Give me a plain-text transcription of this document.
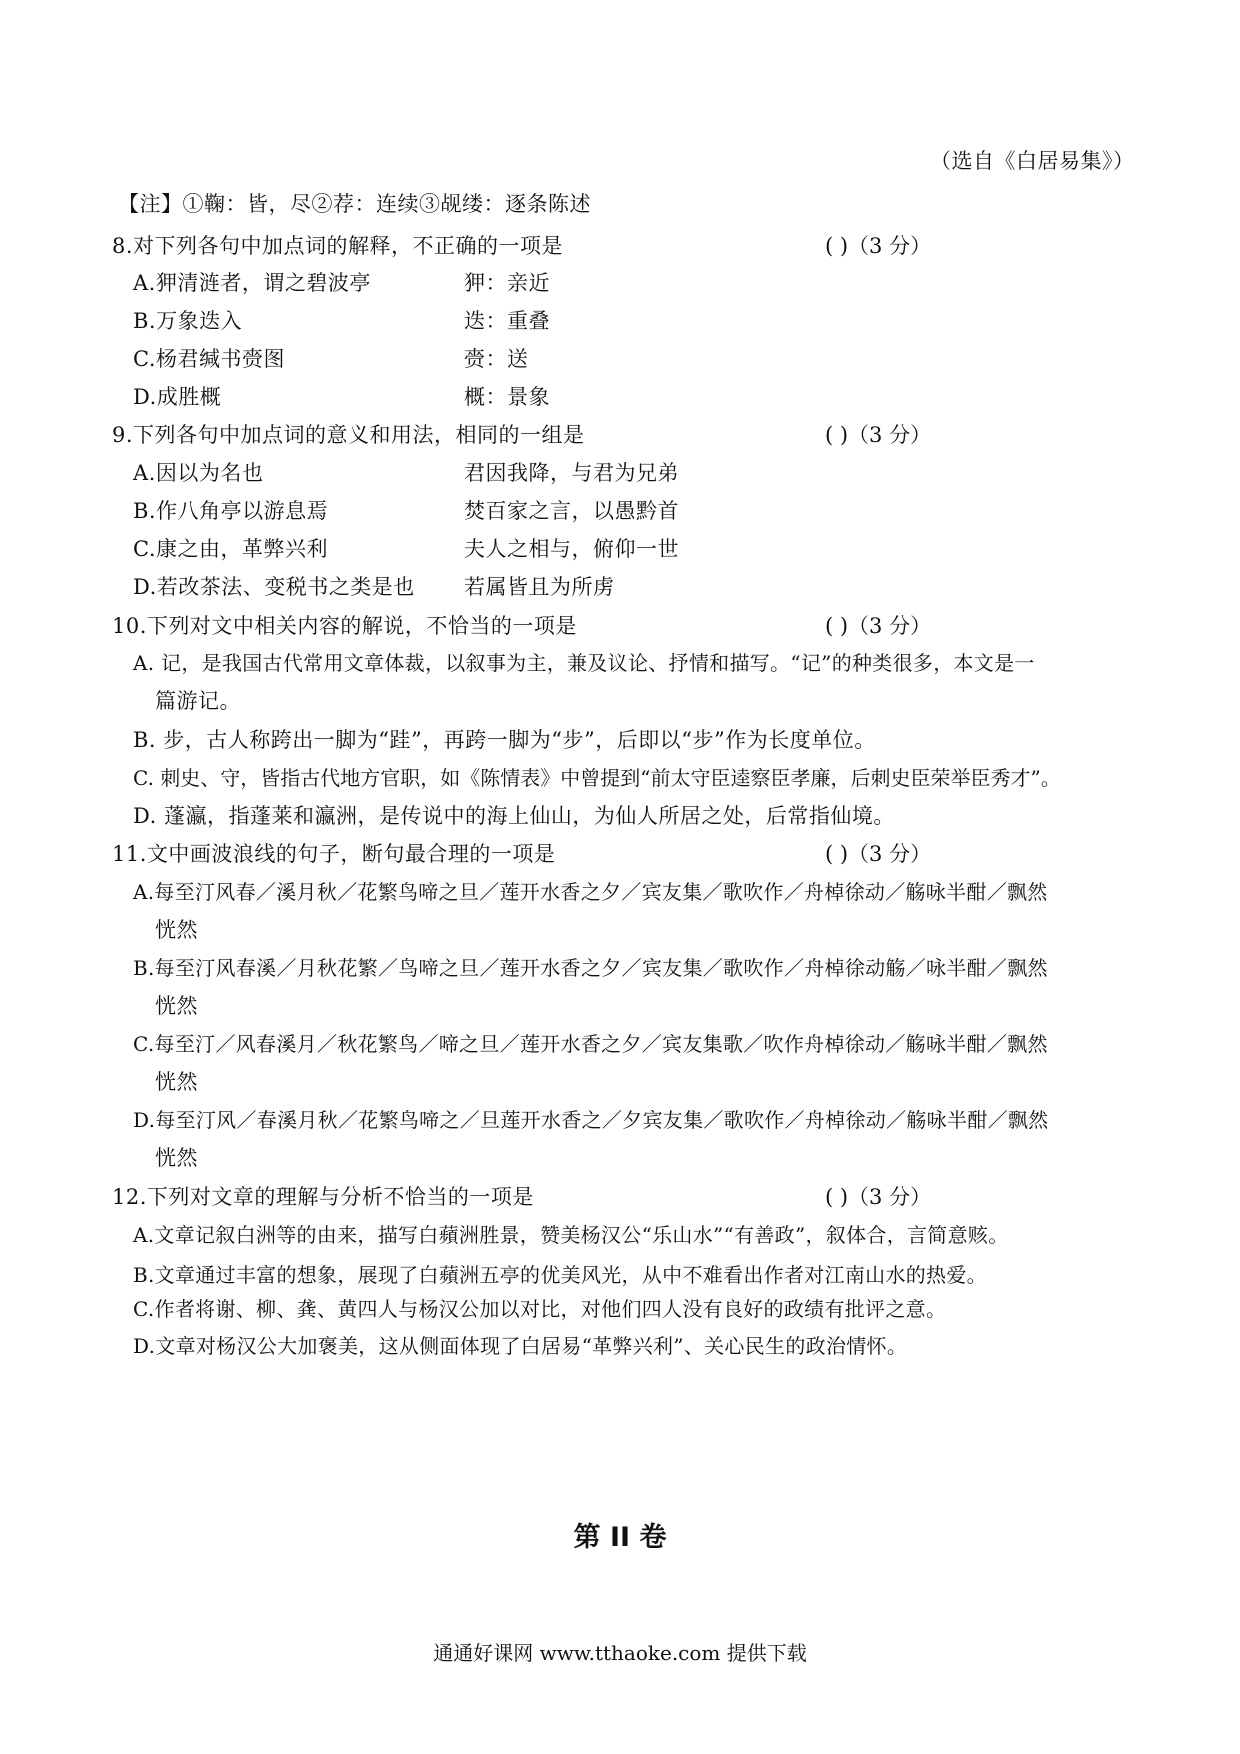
（选自《白居易集》）
【注】①鞠：皆，尽②荐：连续③觇缕：逐条陈述
8.对下列各句中加点词的解释，不正确的一项是	( )（3 分）
A.狎清涟者，谓之碧波亭	狎：亲近
B.万象迭入	迭：重叠
C.杨君缄书赍图	赍：送
D.成胜概	概：景象
9.下列各句中加点词的意义和用法，相同的一组是	( )（3 分）
A.因以为名也	君因我降，与君为兄弟
B.作八角亭以游息焉	焚百家之言，以愚黔首
C.康之由，革弊兴利	夫人之相与，俯仰一世
D.若改茶法、变税书之类是也 若属皆且为所虏
10.下列对文中相关内容的解说，不恰当的一项是	( )（3 分）
A. 记，是我国古代常用文章体裁，以叙事为主，兼及议论、抒情和描写。“记”的种类很多，本文是一
篇游记。
B. 步，古人称跨出一脚为“跬”，再跨一脚为“步”，后即以“步”作为长度单位。
C. 刺史、守，皆指古代地方官职，如《陈情表》中曾提到“前太守臣逵察臣孝廉，后刺史臣荣举臣秀才”。
D. 蓬瀛，指蓬莱和瀛洲，是传说中的海上仙山，为仙人所居之处，后常指仙境。
11.文中画波浪线的句子，断句最合理的一项是	( )（3 分）
A.每至汀风春／溪月秋／花繁鸟啼之旦／莲开水香之夕／宾友集／歌吹作／舟棹徐动／觞咏半酣／飘然
恍然
B.每至汀风春溪／月秋花繁／鸟啼之旦／莲开水香之夕／宾友集／歌吹作／舟棹徐动觞／咏半酣／飘然
恍然
C.每至汀／风春溪月／秋花繁鸟／啼之旦／莲开水香之夕／宾友集歌／吹作舟棹徐动／觞咏半酣／飘然
恍然
D.每至汀风／春溪月秋／花繁鸟啼之／旦莲开水香之／夕宾友集／歌吹作／舟棹徐动／觞咏半酣／飘然
恍然
12.下列对文章的理解与分析不恰当的一项是	( )（3 分）
A.文章记叙白洲等的由来，描写白蘋洲胜景，赞美杨汉公“乐山水”“有善政”，叙体合，言简意赅。
B.文章通过丰富的想象，展现了白蘋洲五亭的优美风光，从中不难看出作者对江南山水的热爱。
C.作者将谢、柳、龚、黄四人与杨汉公加以对比，对他们四人没有良好的政绩有批评之意。
D.文章对杨汉公大加褒美，这从侧面体现了白居易“革弊兴利”、关心民生的政治情怀。
第 II 卷
通通好课网 www.tthaoke.com 提供下载
